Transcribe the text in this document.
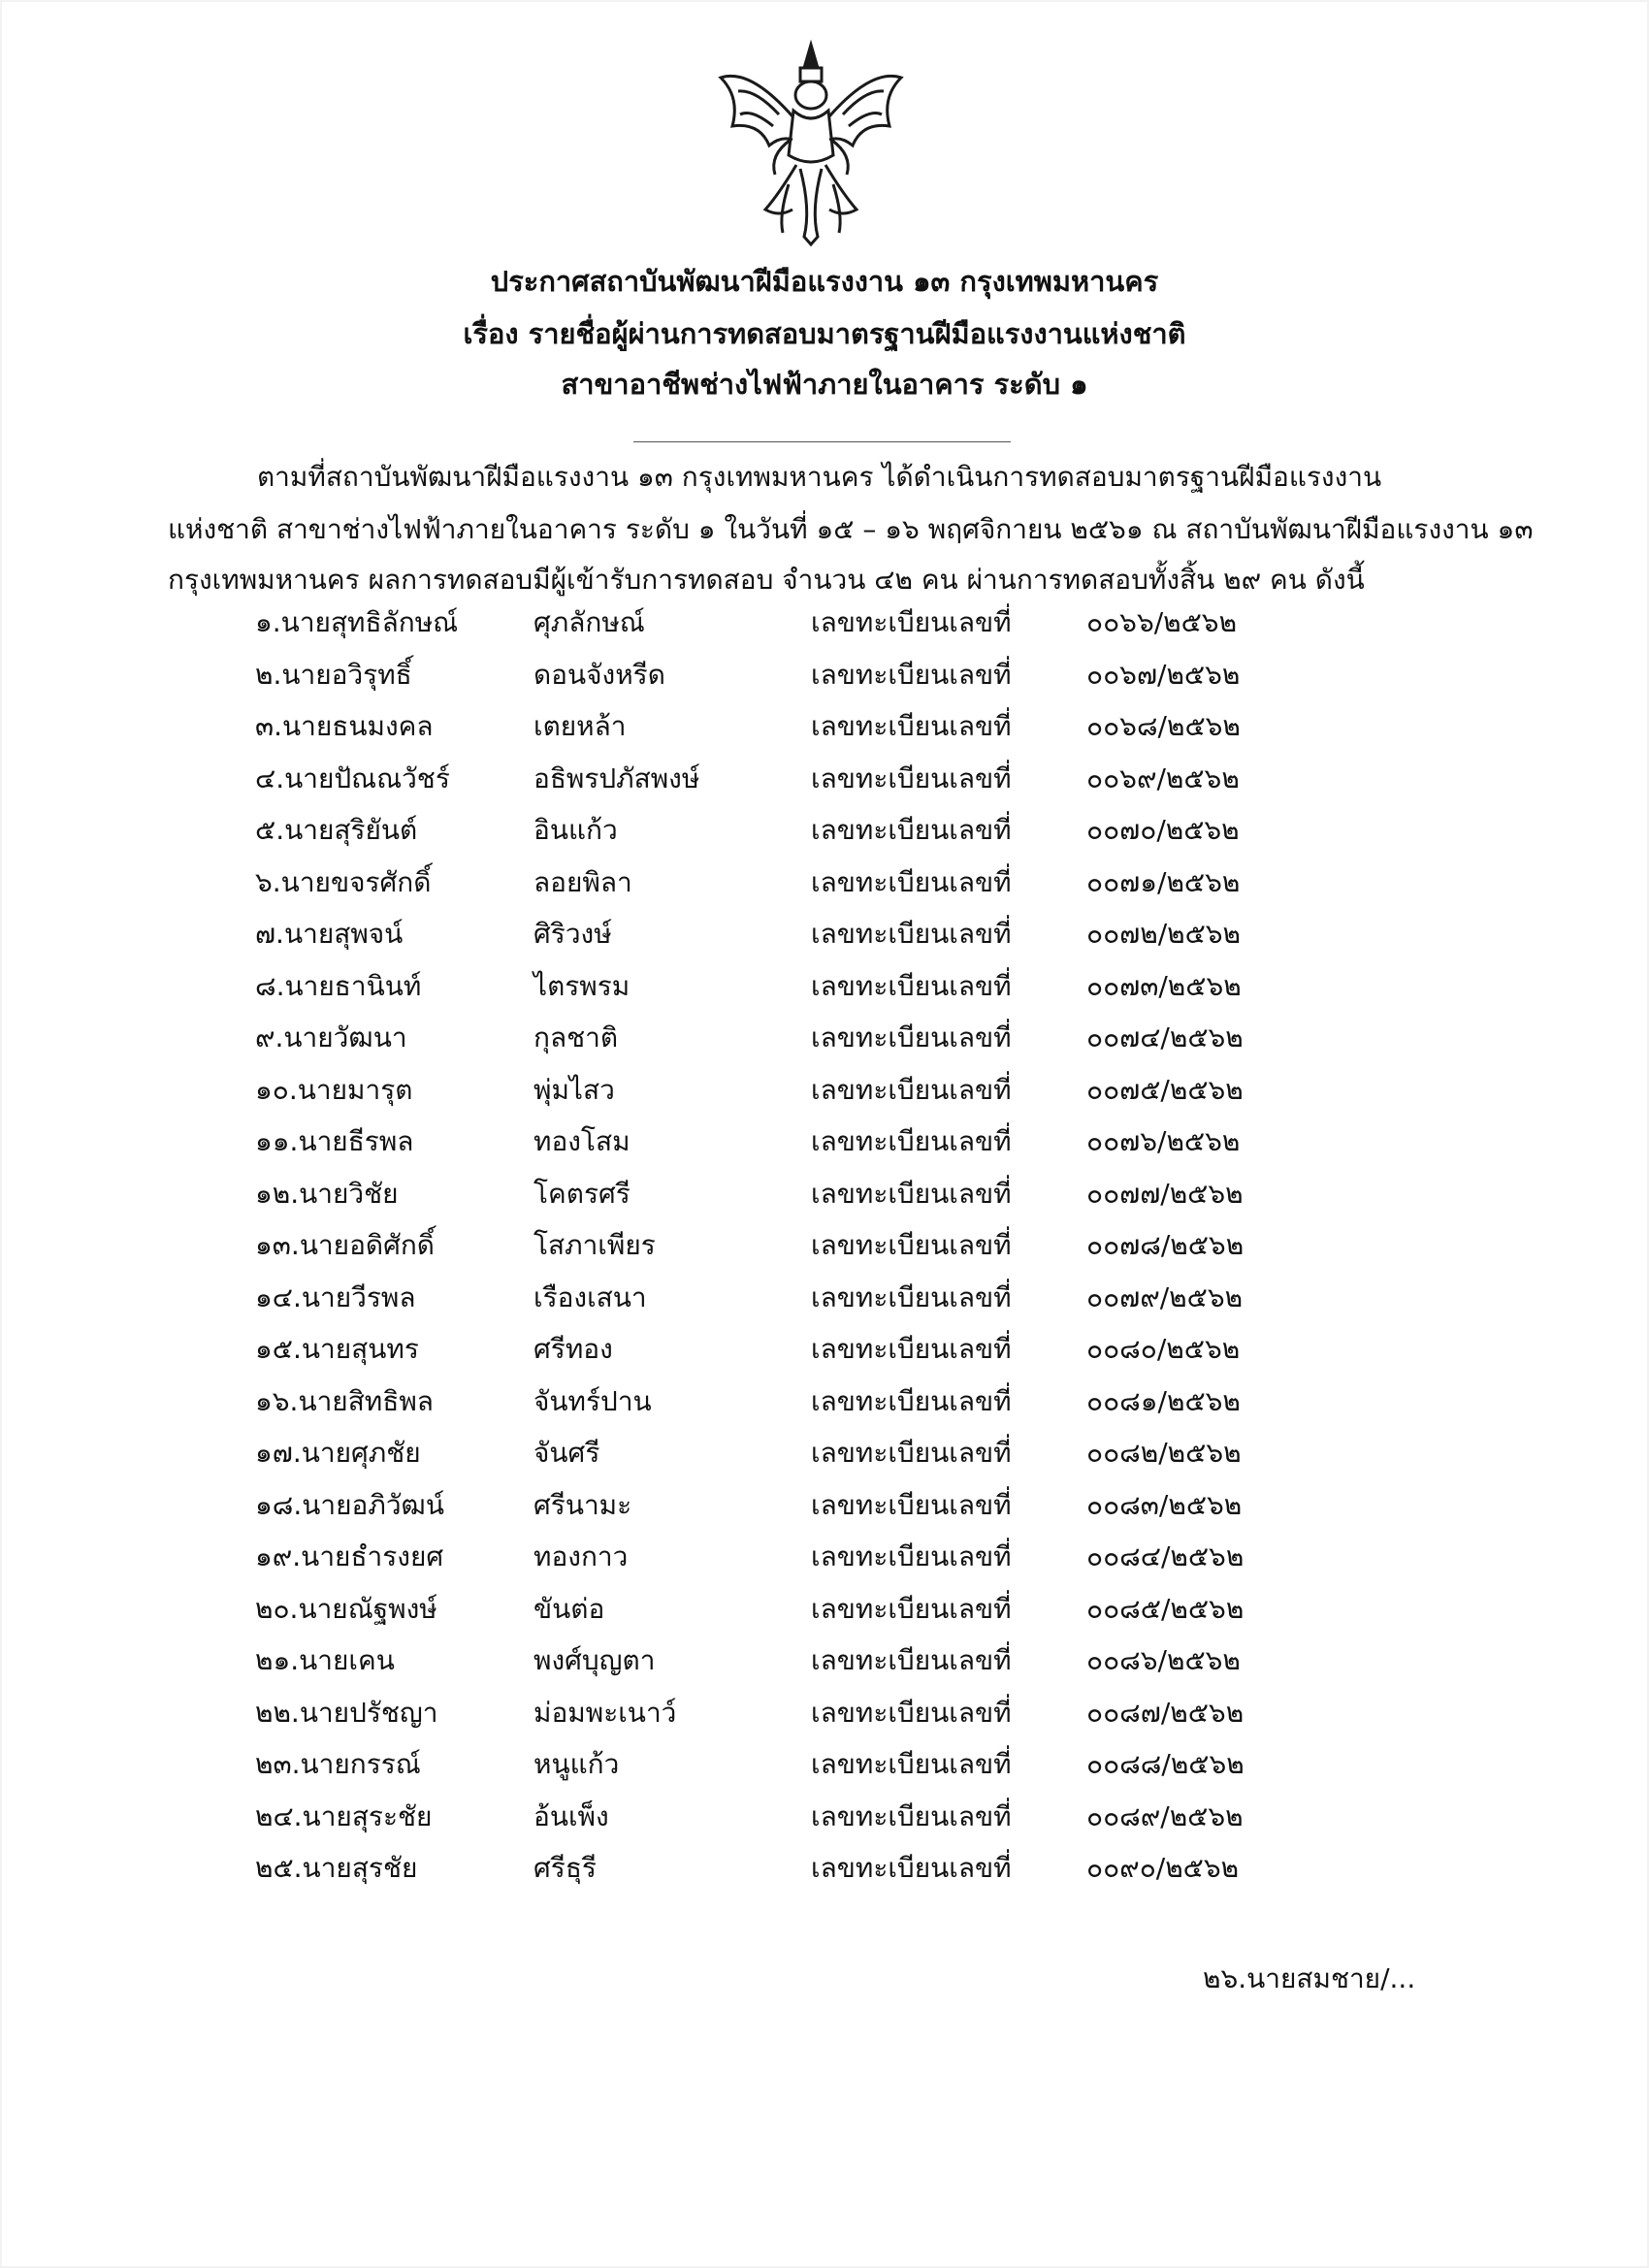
ประกาศสถาบันพัฒนาฝีมือแรงงาน ๑๓ กรุงเทพมหานคร
เรื่อง รายชื่อผู้ผ่านการทดสอบมาตรฐานฝีมือแรงงานแห่งชาติ
สาขาอาชีพช่างไฟฟ้าภายในอาคาร ระดับ ๑
ตามที่สถาบันพัฒนาฝีมือแรงงาน ๑๓ กรุงเทพมหานคร ได้ดำเนินการทดสอบมาตรฐานฝีมือแรงงาน
แห่งชาติ สาขาช่างไฟฟ้าภายในอาคาร ระดับ ๑ ในวันที่ ๑๕ – ๑๖ พฤศจิกายน ๒๕๖๑ ณ สถาบันพัฒนาฝีมือแรงงาน ๑๓
กรุงเทพมหานคร ผลการทดสอบมีผู้เข้ารับการทดสอบ จำนวน ๔๒ คน ผ่านการทดสอบทั้งสิ้น ๒๙ คน ดังนี้
๑.นายสุทธิลักษณ์	ศุภลักษณ์	เลขทะเบียนเลขที่	๐๐๖๖/๒๕๖๒
๒.นายอวิรุทธิ์	ดอนจังหรีด	เลขทะเบียนเลขที่	๐๐๖๗/๒๕๖๒
๓.นายธนมงคล	เตยหล้า	เลขทะเบียนเลขที่	๐๐๖๘/๒๕๖๒
๔.นายปัณณวัชร์	อธิพรปภัสพงษ์	เลขทะเบียนเลขที่	๐๐๖๙/๒๕๖๒
๕.นายสุริยันต์	อินแก้ว	เลขทะเบียนเลขที่	๐๐๗๐/๒๕๖๒
๖.นายขจรศักดิ์	ลอยพิลา	เลขทะเบียนเลขที่	๐๐๗๑/๒๕๖๒
๗.นายสุพจน์	ศิริวงษ์	เลขทะเบียนเลขที่	๐๐๗๒/๒๕๖๒
๘.นายธานินท์	ไตรพรม	เลขทะเบียนเลขที่	๐๐๗๓/๒๕๖๒
๙.นายวัฒนา	กุลชาติ	เลขทะเบียนเลขที่	๐๐๗๔/๒๕๖๒
๑๐.นายมารุต	พุ่มไสว	เลขทะเบียนเลขที่	๐๐๗๕/๒๕๖๒
๑๑.นายธีรพล	ทองโสม	เลขทะเบียนเลขที่	๐๐๗๖/๒๕๖๒
๑๒.นายวิชัย	โคตรศรี	เลขทะเบียนเลขที่	๐๐๗๗/๒๕๖๒
๑๓.นายอดิศักดิ์	โสภาเพียร	เลขทะเบียนเลขที่	๐๐๗๘/๒๕๖๒
๑๔.นายวีรพล	เรืองเสนา	เลขทะเบียนเลขที่	๐๐๗๙/๒๕๖๒
๑๕.นายสุนทร	ศรีทอง	เลขทะเบียนเลขที่	๐๐๘๐/๒๕๖๒
๑๖.นายสิทธิพล	จันทร์ปาน	เลขทะเบียนเลขที่	๐๐๘๑/๒๕๖๒
๑๗.นายศุภชัย	จันศรี	เลขทะเบียนเลขที่	๐๐๘๒/๒๕๖๒
๑๘.นายอภิวัฒน์	ศรีนามะ	เลขทะเบียนเลขที่	๐๐๘๓/๒๕๖๒
๑๙.นายธำรงยศ	ทองกาว	เลขทะเบียนเลขที่	๐๐๘๔/๒๕๖๒
๒๐.นายณัฐพงษ์	ขันต่อ	เลขทะเบียนเลขที่	๐๐๘๕/๒๕๖๒
๒๑.นายเคน	พงศ์บุญตา	เลขทะเบียนเลขที่	๐๐๘๖/๒๕๖๒
๒๒.นายปรัชญา	ม่อมพะเนาว์	เลขทะเบียนเลขที่	๐๐๘๗/๒๕๖๒
๒๓.นายกรรณ์	หนูแก้ว	เลขทะเบียนเลขที่	๐๐๘๘/๒๕๖๒
๒๔.นายสุระชัย	อ้นเพ็ง	เลขทะเบียนเลขที่	๐๐๘๙/๒๕๖๒
๒๕.นายสุรชัย	ศรีธุรี	เลขทะเบียนเลขที่	๐๐๙๐/๒๕๖๒
๒๖.นายสมชาย/...
